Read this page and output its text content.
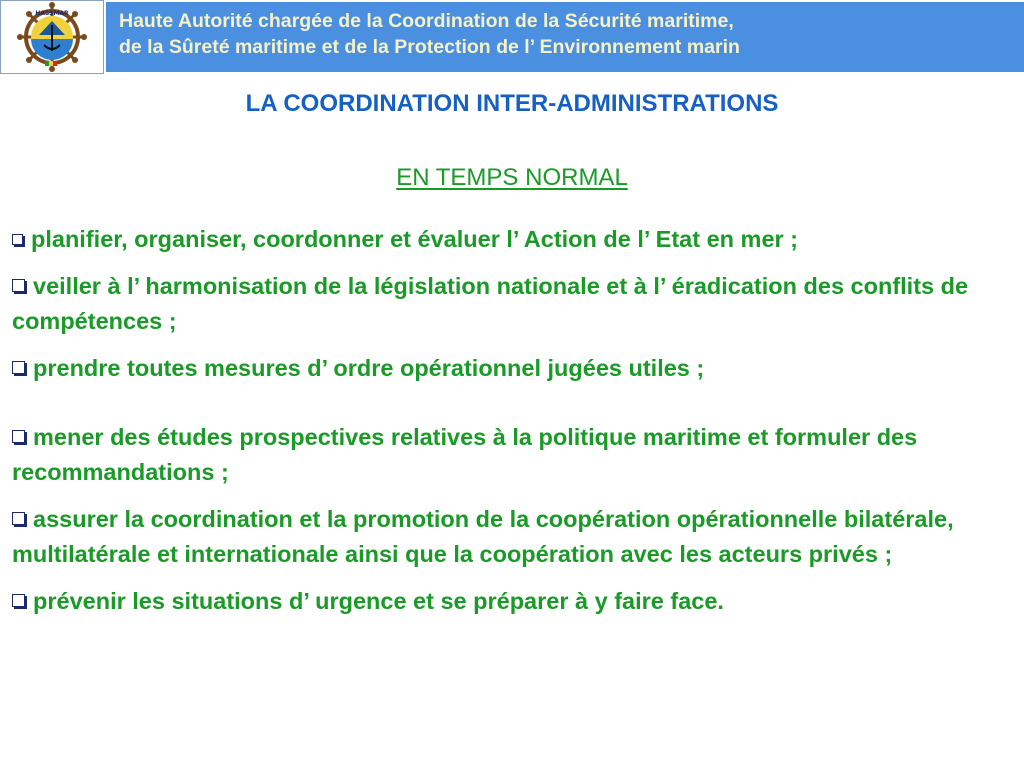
HASSMAR	Haute Autorité chargée de la Coordination de la Sécurité maritime,
de la Sûreté maritime et de la Protection de l’ Environnement marin
LA COORDINATION INTER-ADMINISTRATIONS
EN TEMPS NORMAL
planifier, organiser, coordonner et évaluer l’ Action de l’ Etat en mer ;
veiller à l’ harmonisation de la législation nationale et à l’ éradication des conflits de compétences ;
prendre toutes mesures d’ ordre opérationnel jugées utiles ;
mener des études prospectives relatives à la politique maritime et formuler des recommandations ;
assurer la coordination et la promotion de la coopération opérationnelle bilatérale, multilatérale et internationale ainsi que la coopération avec les acteurs privés ;
prévenir les situations d’ urgence et se préparer à y faire face.
